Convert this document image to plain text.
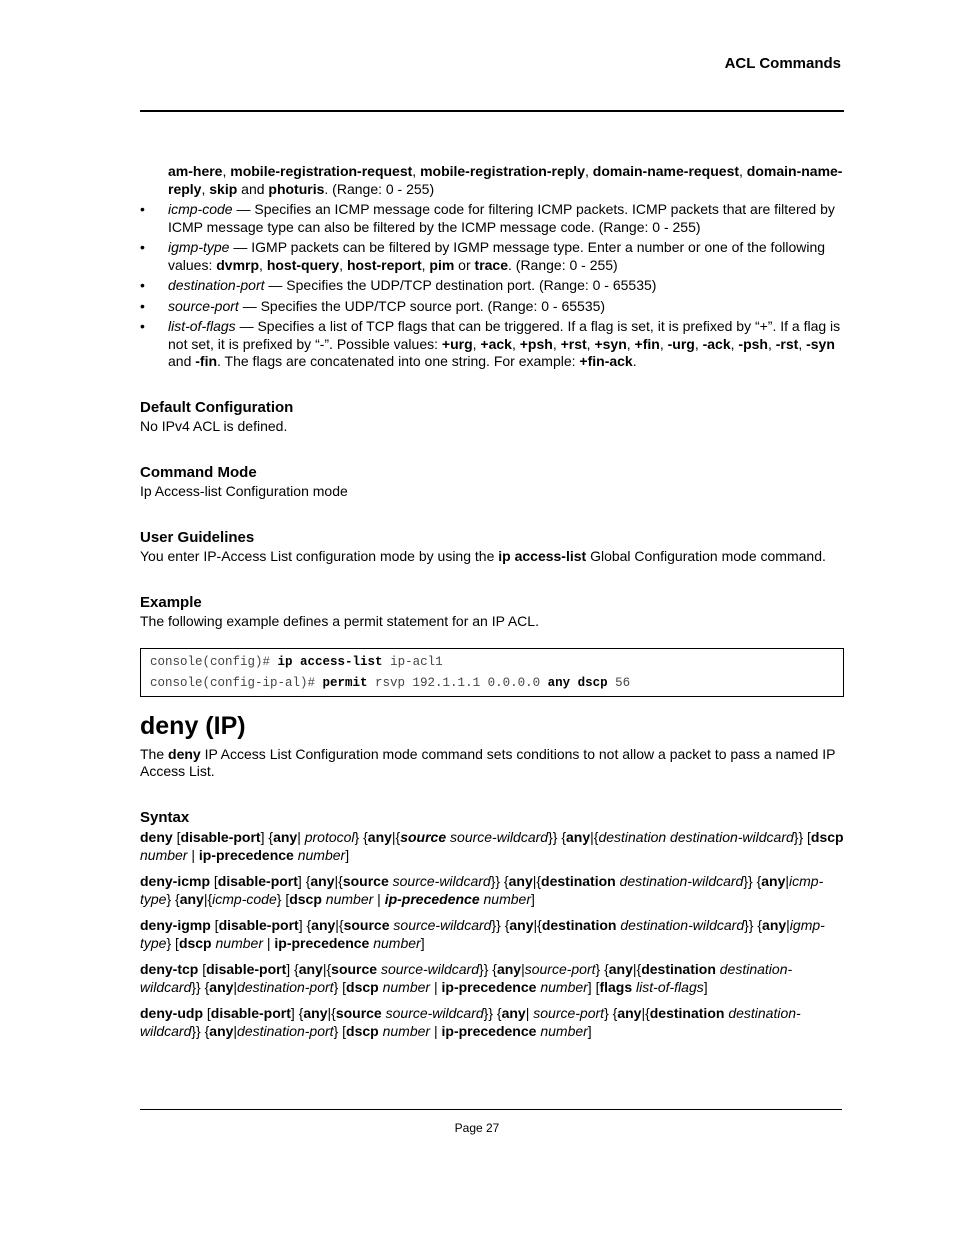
ACL Commands

am-here, mobile-registration-request, mobile-registration-reply, domain-name-request, domain-name-reply, skip and photuris. (Range: 0 - 255)

• icmp-code — Specifies an ICMP message code for filtering ICMP packets. ICMP packets that are filtered by ICMP message type can also be filtered by the ICMP message code. (Range: 0 - 255)
• igmp-type — IGMP packets can be filtered by IGMP message type. Enter a number or one of the following values: dvmrp, host-query, host-report, pim or trace. (Range: 0 - 255)
• destination-port — Specifies the UDP/TCP destination port. (Range: 0 - 65535)
• source-port — Specifies the UDP/TCP source port. (Range: 0 - 65535)
• list-of-flags — Specifies a list of TCP flags that can be triggered. If a flag is set, it is prefixed by “+”. If a flag is not set, it is prefixed by “-”. Possible values: +urg, +ack, +psh, +rst, +syn, +fin, -urg, -ack, -psh, -rst, -syn and -fin. The flags are concatenated into one string. For example: +fin-ack.
Default Configuration

No IPv4 ACL is defined.

Command Mode

Ip Access-list Configuration mode

User Guidelines

You enter IP-Access List configuration mode by using the ip access-list Global Configuration mode command.

Example

The following example defines a permit statement for an IP ACL.

console(config)# ip access-list ip-acl1
console(config-ip-al)# permit rsvp 192.1.1.1 0.0.0.0 any dscp 56
deny (IP)

The deny IP Access List Configuration mode command sets conditions to not allow a packet to pass a named IP Access List.

Syntax

deny [disable-port] {any| protocol} {any|{source source-wildcard}} {any|{destination destination-wildcard}} [dscp number | ip-precedence number]

deny-icmp [disable-port] {any|{source source-wildcard}} {any|{destination destination-wildcard}} {any|icmp-type} {any|{icmp-code} [dscp number | ip-precedence number]

deny-igmp [disable-port] {any|{source source-wildcard}} {any|{destination destination-wildcard}} {any|igmp-type} [dscp number | ip-precedence number]

deny-tcp [disable-port] {any|{source source-wildcard}} {any|source-port} {any|{destination destination-wildcard}} {any|destination-port} [dscp number | ip-precedence number] [flags list-of-flags]

deny-udp [disable-port] {any|{source source-wildcard}} {any| source-port} {any|{destination destination-wildcard}} {any|destination-port} [dscp number | ip-precedence number]

Page 27
